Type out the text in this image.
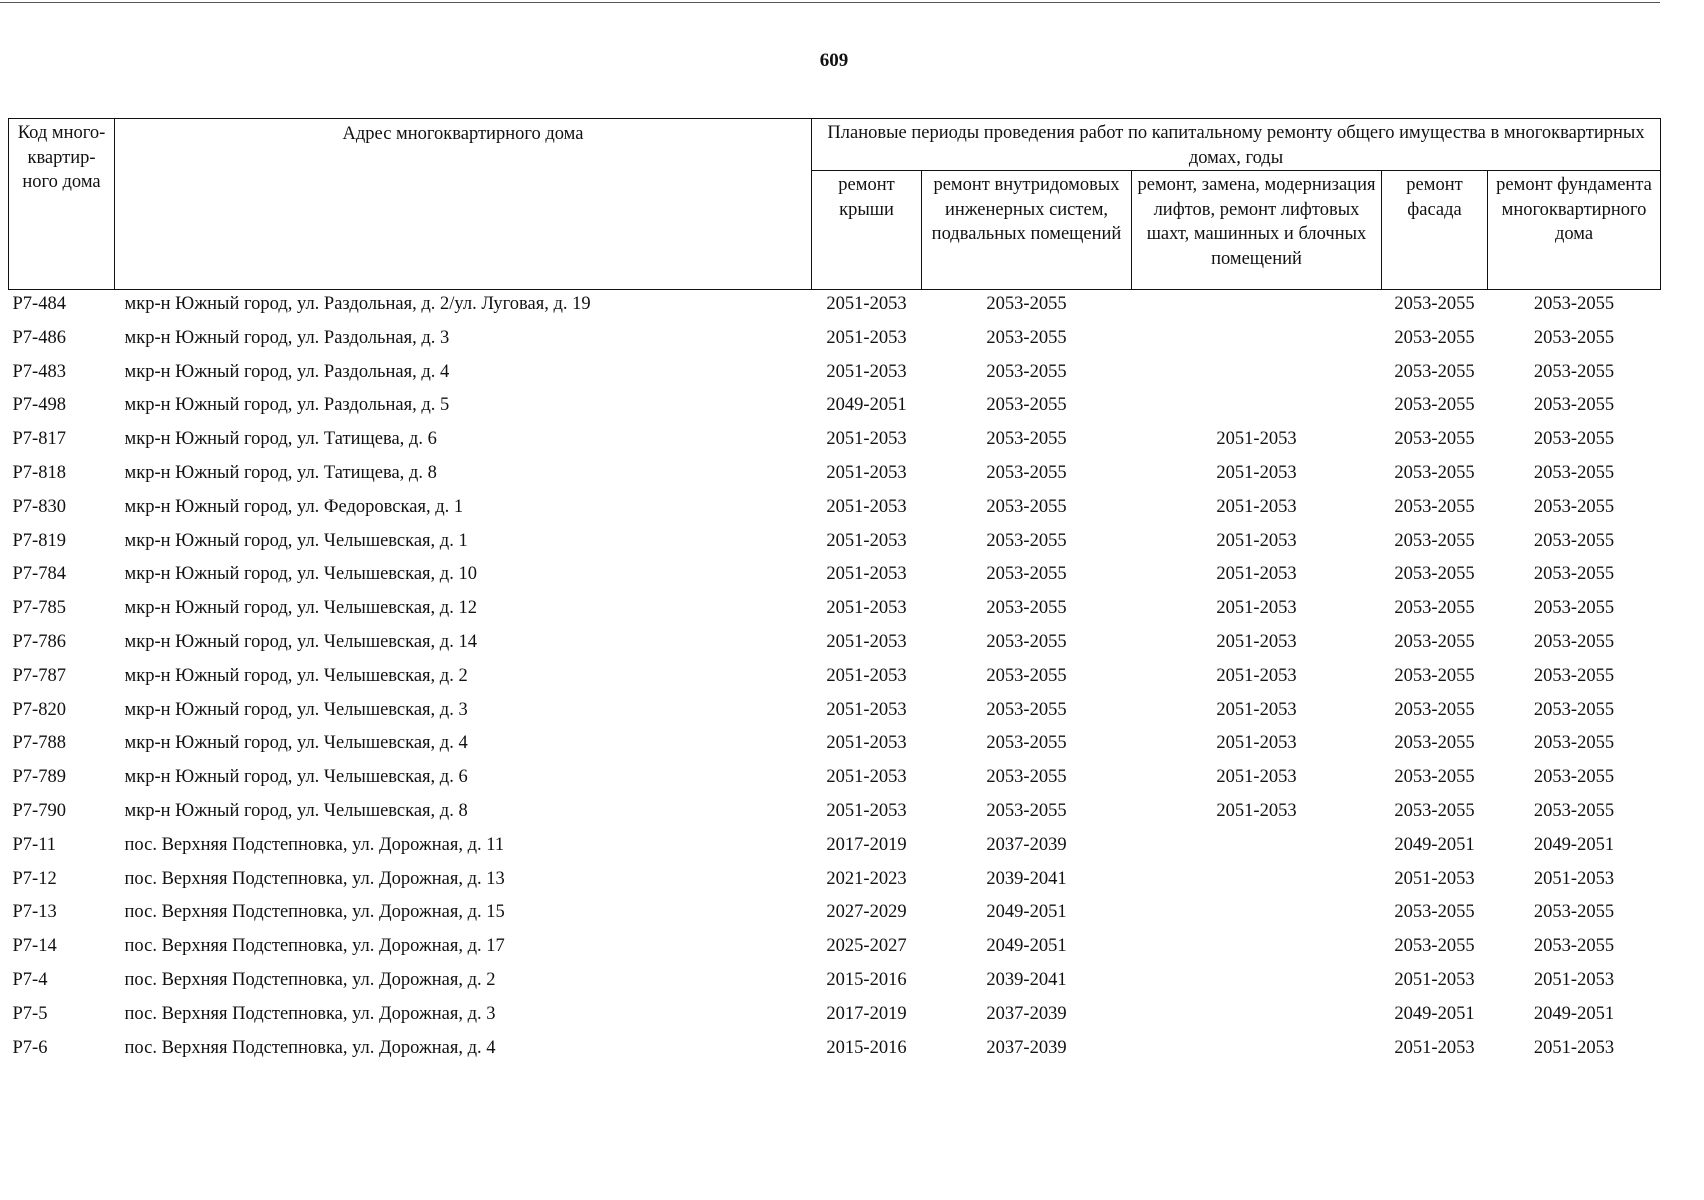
609
Код много-квартир-ного дома	Адрес многоквартирного дома	Плановые периоды проведения работ по капитальному ремонту общего имущества в многоквартирных домах, годы				
		ремонт крыши	ремонт внутридомовых инженерных систем, подвальных помещений	ремонт, замена, модернизация лифтов, ремонт лифтовых шахт, машинных и блочных помещений	ремонт фасада	ремонт фундамента многоквартирного дома
P7-484	мкр-н Южный город, ул. Раздольная, д. 2/ул. Луговая, д. 19	2051-2053	2053-2055		2053-2055	2053-2055
P7-486	мкр-н Южный город, ул. Раздольная, д. 3	2051-2053	2053-2055		2053-2055	2053-2055
P7-483	мкр-н Южный город, ул. Раздольная, д. 4	2051-2053	2053-2055		2053-2055	2053-2055
P7-498	мкр-н Южный город, ул. Раздольная, д. 5	2049-2051	2053-2055		2053-2055	2053-2055
P7-817	мкр-н Южный город, ул. Татищева, д. 6	2051-2053	2053-2055	2051-2053	2053-2055	2053-2055
P7-818	мкр-н Южный город, ул. Татищева, д. 8	2051-2053	2053-2055	2051-2053	2053-2055	2053-2055
P7-830	мкр-н Южный город, ул. Федоровская, д. 1	2051-2053	2053-2055	2051-2053	2053-2055	2053-2055
P7-819	мкр-н Южный город, ул. Челышевская, д. 1	2051-2053	2053-2055	2051-2053	2053-2055	2053-2055
P7-784	мкр-н Южный город, ул. Челышевская, д. 10	2051-2053	2053-2055	2051-2053	2053-2055	2053-2055
P7-785	мкр-н Южный город, ул. Челышевская, д. 12	2051-2053	2053-2055	2051-2053	2053-2055	2053-2055
P7-786	мкр-н Южный город, ул. Челышевская, д. 14	2051-2053	2053-2055	2051-2053	2053-2055	2053-2055
P7-787	мкр-н Южный город, ул. Челышевская, д. 2	2051-2053	2053-2055	2051-2053	2053-2055	2053-2055
P7-820	мкр-н Южный город, ул. Челышевская, д. 3	2051-2053	2053-2055	2051-2053	2053-2055	2053-2055
P7-788	мкр-н Южный город, ул. Челышевская, д. 4	2051-2053	2053-2055	2051-2053	2053-2055	2053-2055
P7-789	мкр-н Южный город, ул. Челышевская, д. 6	2051-2053	2053-2055	2051-2053	2053-2055	2053-2055
P7-790	мкр-н Южный город, ул. Челышевская, д. 8	2051-2053	2053-2055	2051-2053	2053-2055	2053-2055
P7-11	пос. Верхняя Подстепновка, ул. Дорожная, д. 11	2017-2019	2037-2039		2049-2051	2049-2051
P7-12	пос. Верхняя Подстепновка, ул. Дорожная, д. 13	2021-2023	2039-2041		2051-2053	2051-2053
P7-13	пос. Верхняя Подстепновка, ул. Дорожная, д. 15	2027-2029	2049-2051		2053-2055	2053-2055
P7-14	пос. Верхняя Подстепновка, ул. Дорожная, д. 17	2025-2027	2049-2051		2053-2055	2053-2055
P7-4	пос. Верхняя Подстепновка, ул. Дорожная, д. 2	2015-2016	2039-2041		2051-2053	2051-2053
P7-5	пос. Верхняя Подстепновка, ул. Дорожная, д. 3	2017-2019	2037-2039		2049-2051	2049-2051
P7-6	пос. Верхняя Подстепновка, ул. Дорожная, д. 4	2015-2016	2037-2039		2051-2053	2051-2053
